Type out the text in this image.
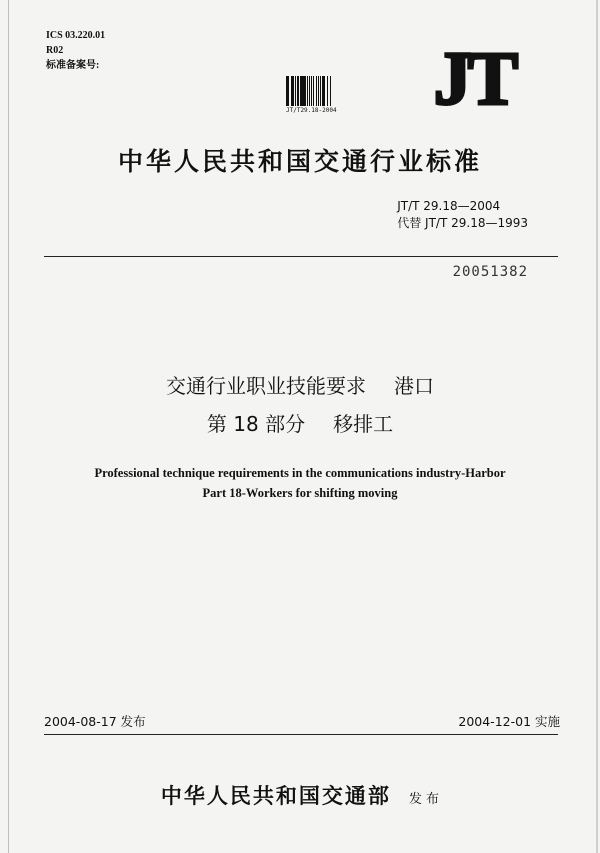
ICS 03.220.01
R02
标准备案号:
JT/T29.18-2004 JT
中华人民共和国交通行业标准
JT/T 29.18—2004
代替 JT/T 29.18—1993
20051382
交通行业职业技能要求 港口
第 18 部分 移排工
Professional technique requirements in the communications industry-Harbor
Part 18-Workers for shifting moving
2004-08-17 发布	2004-12-01 实施
中华人民共和国交通部 发 布
